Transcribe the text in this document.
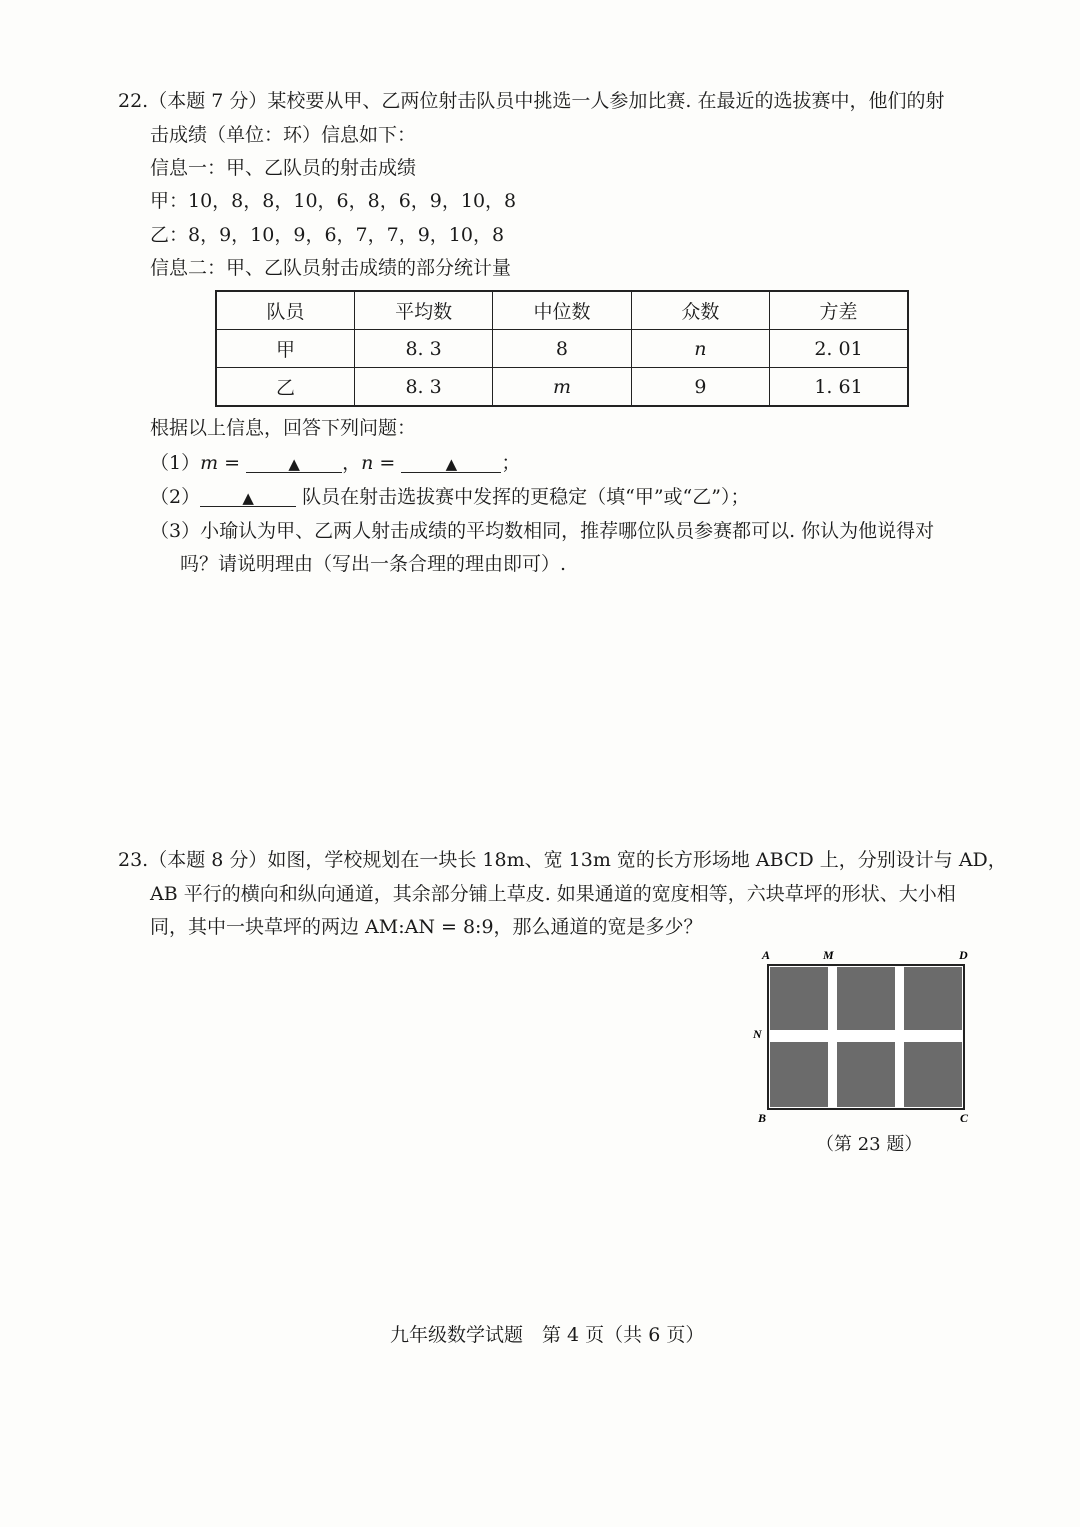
22.（本题 7 分）某校要从甲、乙两位射击队员中挑选一人参加比赛. 在最近的选拔赛中，他们的射
击成绩（单位：环）信息如下：
信息一：甲、乙队员的射击成绩
甲：10，8，8，10，6，8，6，9，10，8
乙：8，9，10，9，6，7，7，9，10，8
信息二：甲、乙队员射击成绩的部分统计量
队员	平均数	中位数	众数	方差
甲	8. 3	8	n	2. 01
乙	8. 3	m	9	1. 61
根据以上信息，回答下列问题：
（1）m =	▲ ，n =	▲ ；
（2）	▲ 队员在射击选拔赛中发挥的更稳定（填“甲”或“乙”）；
（3）小瑜认为甲、乙两人射击成绩的平均数相同，推荐哪位队员参赛都可以. 你认为他说得对
吗？请说明理由（写出一条合理的理由即可）.
23.（本题 8 分）如图，学校规划在一块长 18m、宽 13m 宽的长方形场地 ABCD 上，分别设计与 AD，
AB 平行的横向和纵向通道，其余部分铺上草皮. 如果通道的宽度相等，六块草坪的形状、大小相
同，其中一块草坪的两边 AM:AN = 8:9，那么通道的宽是多少？
A	M	D
N
B	C
（第 23 题）
九年级数学试题　第 4 页（共 6 页）
